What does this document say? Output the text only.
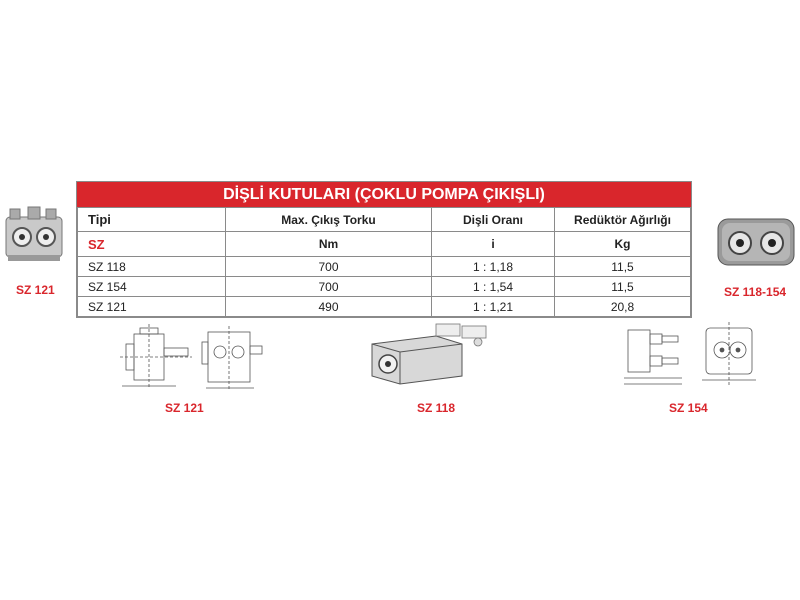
SZ 121	SZ 118-154
DİŞLİ KUTULARI (ÇOKLU POMPA ÇIKIŞLI)
Tipi	Max. Çıkış Torku	Dişli Oranı	Redüktör Ağırlığı
SZ	Nm	i	Kg
SZ 118	700	1 : 1,18	11,5
SZ 154	700	1 : 1,54	11,5
SZ 121	490	1 : 1,21	20,8
SZ 121	SZ 118	SZ 154
